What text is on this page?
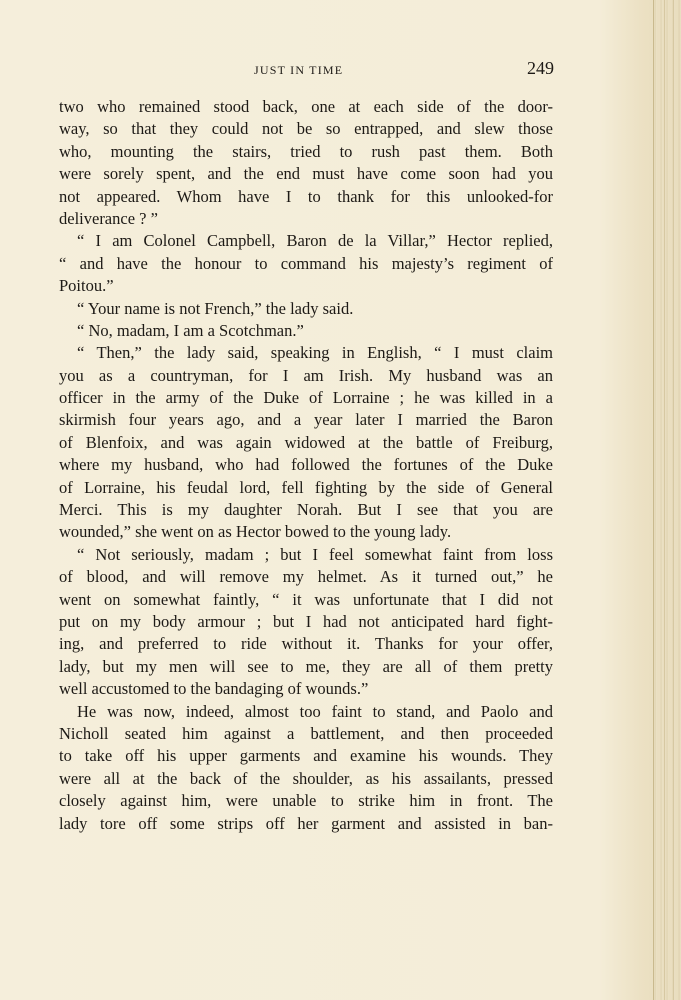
JUST IN TIME	249
two who remained stood back, one at each side of the door-
way, so that they could not be so entrapped, and slew those
who, mounting the stairs, tried to rush past them. Both
were sorely spent, and the end must have come soon had you
not appeared. Whom have I to thank for this unlooked-for
deliverance ? ”
“ I am Colonel Campbell, Baron de la Villar,” Hector replied,
“ and have the honour to command his majesty’s regiment of
Poitou.”
“ Your name is not French,” the lady said.
“ No, madam, I am a Scotchman.”
“ Then,” the lady said, speaking in English, “ I must claim
you as a countryman, for I am Irish. My husband was an
officer in the army of the Duke of Lorraine ; he was killed in a
skirmish four years ago, and a year later I married the Baron
of Blenfoix, and was again widowed at the battle of Freiburg,
where my husband, who had followed the fortunes of the Duke
of Lorraine, his feudal lord, fell fighting by the side of General
Merci. This is my daughter Norah. But I see that you are
wounded,” she went on as Hector bowed to the young lady.
“ Not seriously, madam ; but I feel somewhat faint from loss
of blood, and will remove my helmet. As it turned out,” he
went on somewhat faintly, “ it was unfortunate that I did not
put on my body armour ; but I had not anticipated hard fight-
ing, and preferred to ride without it. Thanks for your offer,
lady, but my men will see to me, they are all of them pretty
well accustomed to the bandaging of wounds.”
He was now, indeed, almost too faint to stand, and Paolo and
Nicholl seated him against a battlement, and then proceeded
to take off his upper garments and examine his wounds. They
were all at the back of the shoulder, as his assailants, pressed
closely against him, were unable to strike him in front. The
lady tore off some strips off her garment and assisted in ban-
